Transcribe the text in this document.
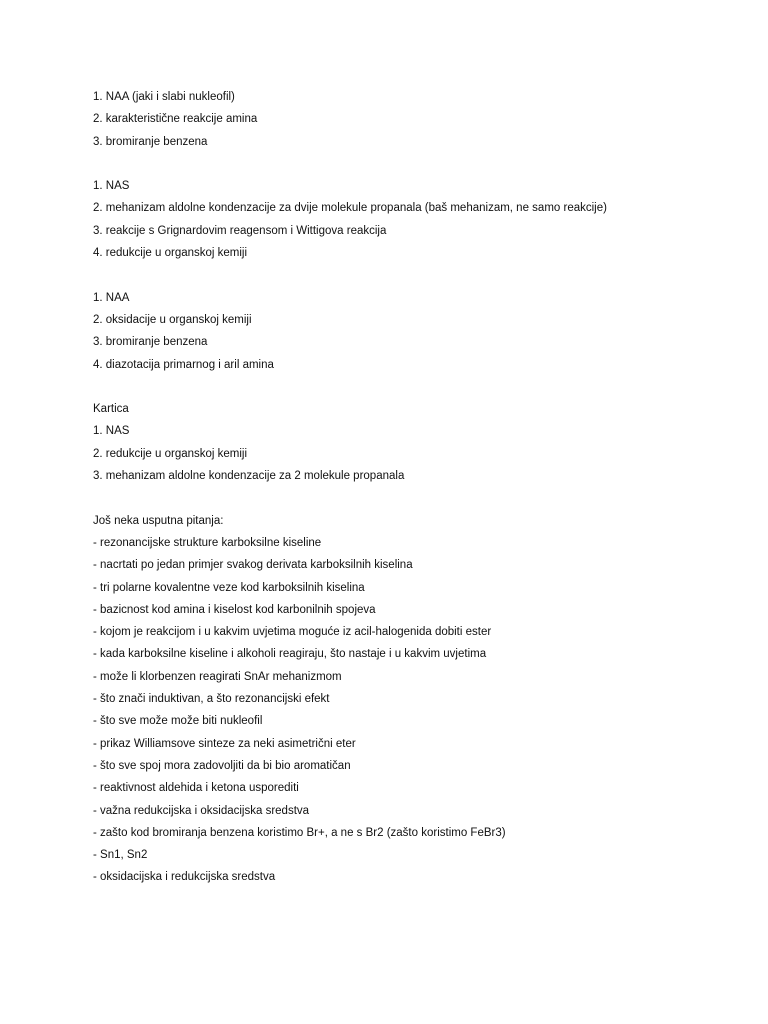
1. NAA (jaki i slabi nukleofil)
2. karakteristične reakcije amina
3. bromiranje benzena
1. NAS
2. mehanizam aldolne kondenzacije za dvije molekule propanala (baš mehanizam, ne samo reakcije)
3. reakcije s Grignardovim reagensom i Wittigova reakcija
4. redukcije u organskoj kemiji
1. NAA
2. oksidacije u organskoj kemiji
3. bromiranje benzena
4. diazotacija primarnog i aril amina
Kartica
1. NAS
2. redukcije u organskoj kemiji
3. mehanizam aldolne kondenzacije za 2 molekule propanala
Još neka usputna pitanja:
- rezonancijske strukture karboksilne kiseline
- nacrtati po jedan primjer svakog derivata karboksilnih kiselina
- tri polarne kovalentne veze kod karboksilnih kiselina
- bazicnost kod amina i kiselost kod karbonilnih spojeva
- kojom je reakcijom i u kakvim uvjetima moguće iz acil-halogenida dobiti ester
- kada karboksilne kiseline i alkoholi reagiraju, što nastaje i u kakvim uvjetima
- može li klorbenzen reagirati SnAr mehanizmom
- što znači induktivan, a što rezonancijski efekt
- što sve može može biti nukleofil
- prikaz Williamsove sinteze za neki asimetrični eter
- što sve spoj mora zadovoljiti da bi bio aromatičan
- reaktivnost aldehida i ketona usporediti
- važna redukcijska i oksidacijska sredstva
- zašto kod bromiranja benzena koristimo Br+, a ne s Br2 (zašto koristimo FeBr3)
- Sn1, Sn2
- oksidacijska i redukcijska sredstva
